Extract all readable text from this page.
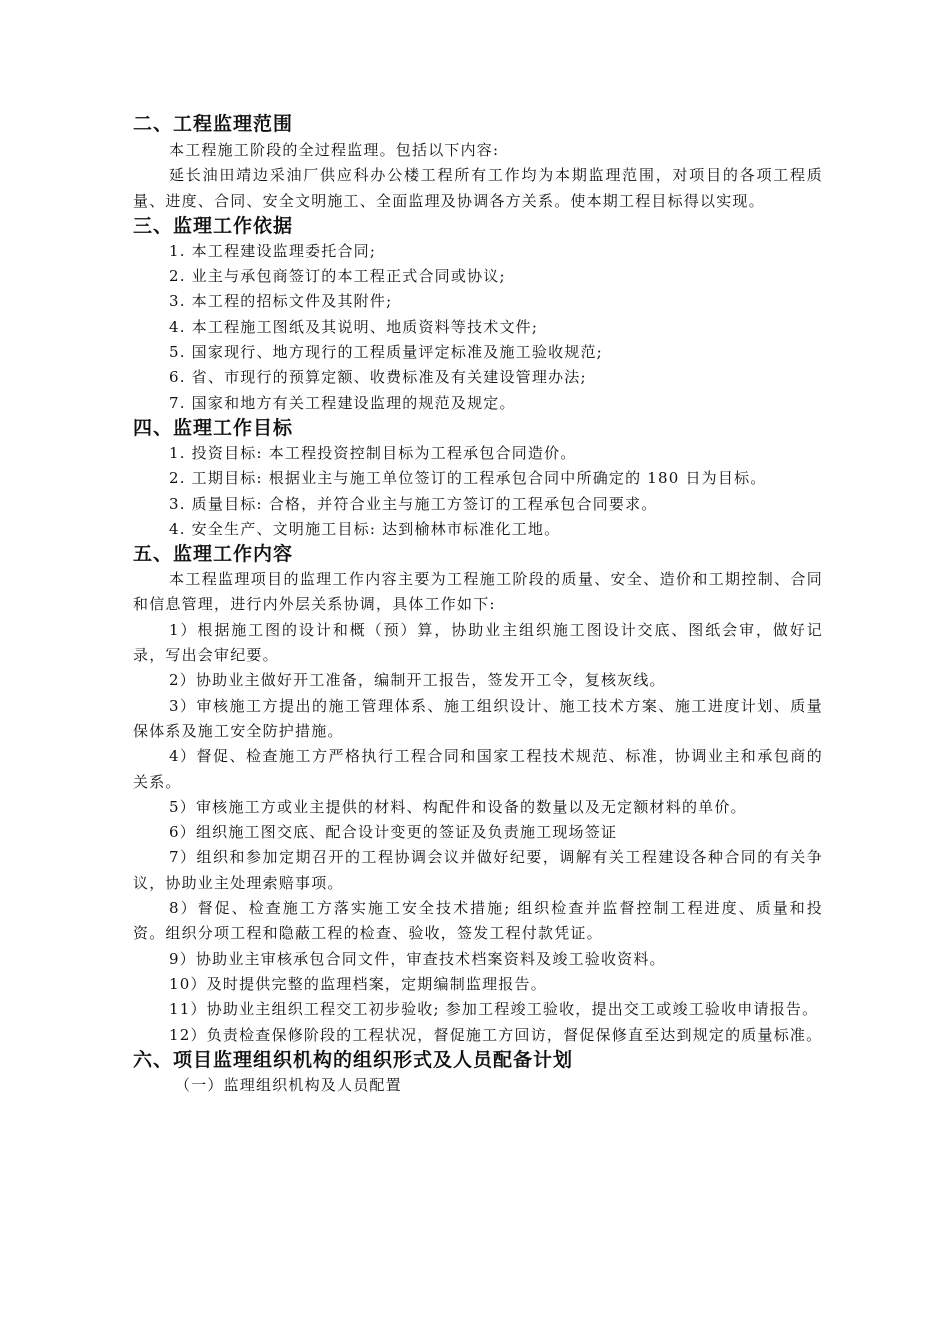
二、工程监理范围
本工程施工阶段的全过程监理。包括以下内容:
延长油田靖边采油厂供应科办公楼工程所有工作均为本期监理范围，对项目的各项工程质量、进度、合同、安全文明施工、全面监理及协调各方关系。使本期工程目标得以实现。
三、监理工作依据
1. 本工程建设监理委托合同;
2. 业主与承包商签订的本工程正式合同或协议;
3. 本工程的招标文件及其附件;
4. 本工程施工图纸及其说明、地质资料等技术文件;
5. 国家现行、地方现行的工程质量评定标准及施工验收规范;
6. 省、市现行的预算定额、收费标准及有关建设管理办法;
7. 国家和地方有关工程建设监理的规范及规定。
四、监理工作目标
1. 投资目标: 本工程投资控制目标为工程承包合同造价。
2. 工期目标: 根据业主与施工单位签订的工程承包合同中所确定的 180 日为目标。
3. 质量目标: 合格，并符合业主与施工方签订的工程承包合同要求。
4. 安全生产、文明施工目标: 达到榆林市标准化工地。
五、监理工作内容
本工程监理项目的监理工作内容主要为工程施工阶段的质量、安全、造价和工期控制、合同和信息管理，进行内外层关系协调，具体工作如下:
1）根据施工图的设计和概（预）算，协助业主组织施工图设计交底、图纸会审，做好记录，写出会审纪要。
2）协助业主做好开工准备，编制开工报告，签发开工令，复核灰线。
3）审核施工方提出的施工管理体系、施工组织设计、施工技术方案、施工进度计划、质量保体系及施工安全防护措施。
4）督促、检查施工方严格执行工程合同和国家工程技术规范、标准，协调业主和承包商的关系。
5）审核施工方或业主提供的材料、构配件和设备的数量以及无定额材料的单价。
6）组织施工图交底、配合设计变更的签证及负责施工现场签证
7）组织和参加定期召开的工程协调会议并做好纪要，调解有关工程建设各种合同的有关争议，协助业主处理索赔事项。
8）督促、检查施工方落实施工安全技术措施; 组织检查并监督控制工程进度、质量和投资。组织分项工程和隐蔽工程的检查、验收，签发工程付款凭证。
9）协助业主审核承包合同文件，审查技术档案资料及竣工验收资料。
10）及时提供完整的监理档案，定期编制监理报告。
11）协助业主组织工程交工初步验收; 参加工程竣工验收，提出交工或竣工验收申请报告。
12）负责检查保修阶段的工程状况，督促施工方回访，督促保修直至达到规定的质量标准。
六、项目监理组织机构的组织形式及人员配备计划
（一）监理组织机构及人员配置
